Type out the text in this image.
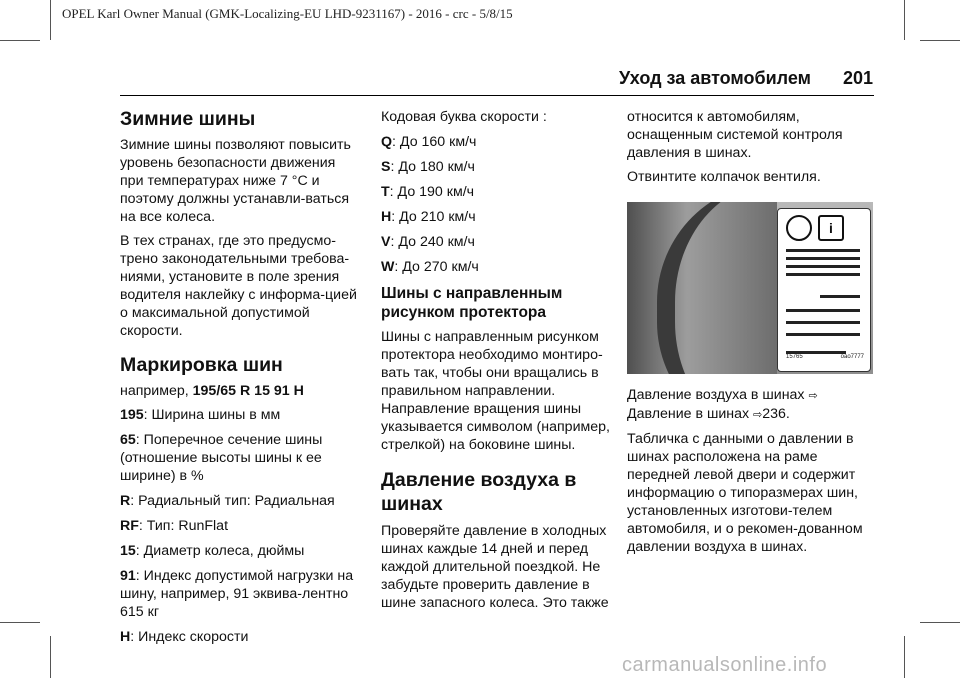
OPEL Karl Owner Manual (GMK-Localizing-EU LHD-9231167) - 2016 - crc - 5/8/15
Уход за автомобилем 201
Зимние шины

Зимние шины позволяют повысить уровень безопасности движения при температурах ниже 7 °C и поэтому должны устанавли-ваться на все колеса.

В тех странах, где это предусмо-трено законодательными требова-ниями, установите в поле зрения водителя наклейку с информа-цией о максимальной допустимой скорости.

Маркировка шин

например, 195/65 R 15 91 H

195: Ширина шины в мм

65: Поперечное сечение шины (отношение высоты шины к ее ширине) в %

R: Радиальный тип: Радиальная

RF: Тип: RunFlat

15: Диаметр колеса, дюймы

91: Индекс допустимой нагрузки на шину, например, 91 эквива-лентно 615 кг

H: Индекс скорости

Кодовая буква скорости :

Q: До 160 км/ч

S: До 180 км/ч

T: До 190 км/ч

H: До 210 км/ч

V: До 240 км/ч

W: До 270 км/ч

Шины с направленным рисунком протектора

Шины с направленным рисунком протектора необходимо монтиро-вать так, чтобы они вращались в правильном направлении. Направление вращения шины указывается символом (например, стрелкой) на боковине шины.

Давление воздуха в шинах

Проверяйте давление в холодных шинах каждые 14 дней и перед каждой длительной поездкой. Не забудьте проверить давление в шине запасного колеса. Это также

относится к автомобилям, оснащенным системой контроля давления в шинах.

Отвинтите колпачок вентиля.

i
15765	oao7777

Давление воздуха в шинах ⇨

Давление в шинах ⇨236.

Табличка с данными о давлении в шинах расположена на раме передней левой двери и содержит информацию о типоразмерах шин, установленных изготови-телем автомобиля, и о рекомен-дованном давлении воздуха в шинах.

carmanualsonline.info
